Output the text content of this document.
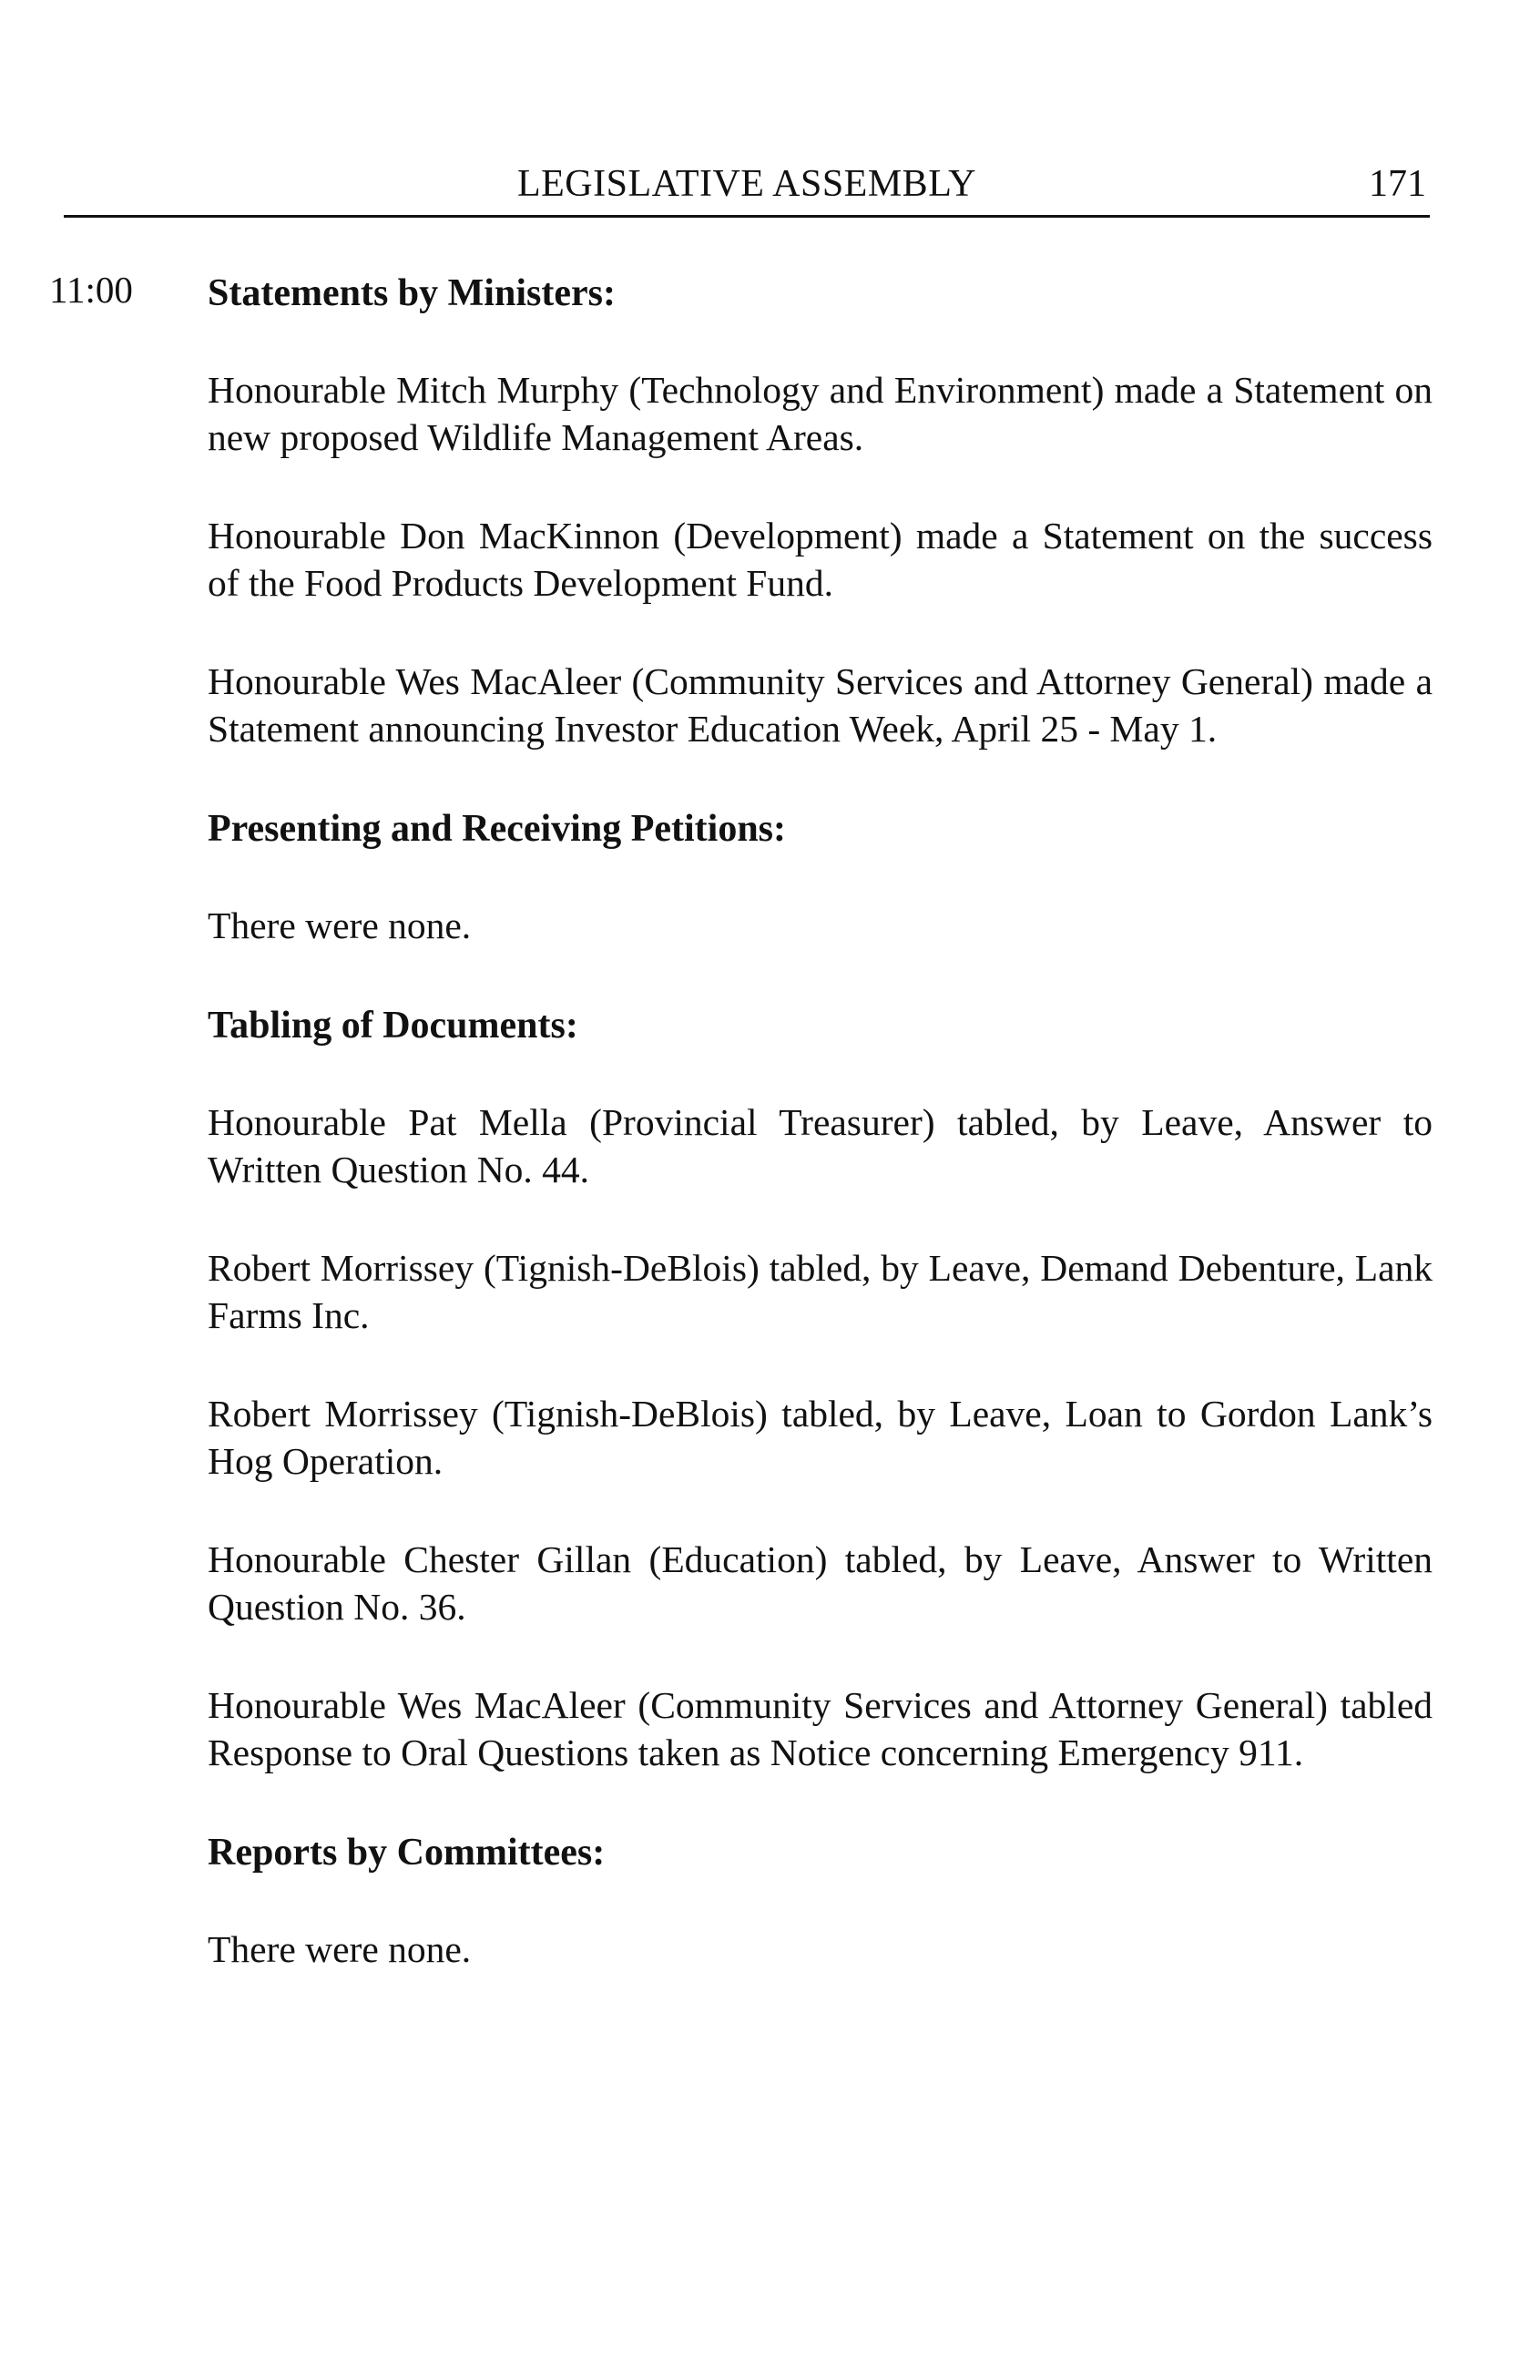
LEGISLATIVE ASSEMBLY	171
11:00 Statements by Ministers:

Honourable Mitch Murphy (Technology and Environment) made a Statement on new proposed Wildlife Management Areas.

Honourable Don MacKinnon (Development) made a Statement on the success of the Food Products Development Fund.

Honourable Wes MacAleer (Community Services and Attorney General) made a Statement announcing Investor Education Week, April 25 - May 1.

Presenting and Receiving Petitions:

There were none.

Tabling of Documents:

Honourable Pat Mella (Provincial Treasurer) tabled, by Leave, Answer to Written Question No. 44.

Robert Morrissey (Tignish-DeBlois) tabled, by Leave, Demand Debenture, Lank Farms Inc.

Robert Morrissey (Tignish-DeBlois) tabled, by Leave, Loan to Gordon Lank’s Hog Operation.

Honourable Chester Gillan (Education) tabled, by Leave, Answer to Written Question No. 36.

Honourable Wes MacAleer (Community Services and Attorney General) tabled Response to Oral Questions taken as Notice concerning Emergency 911.

Reports by Committees:

There were none.
